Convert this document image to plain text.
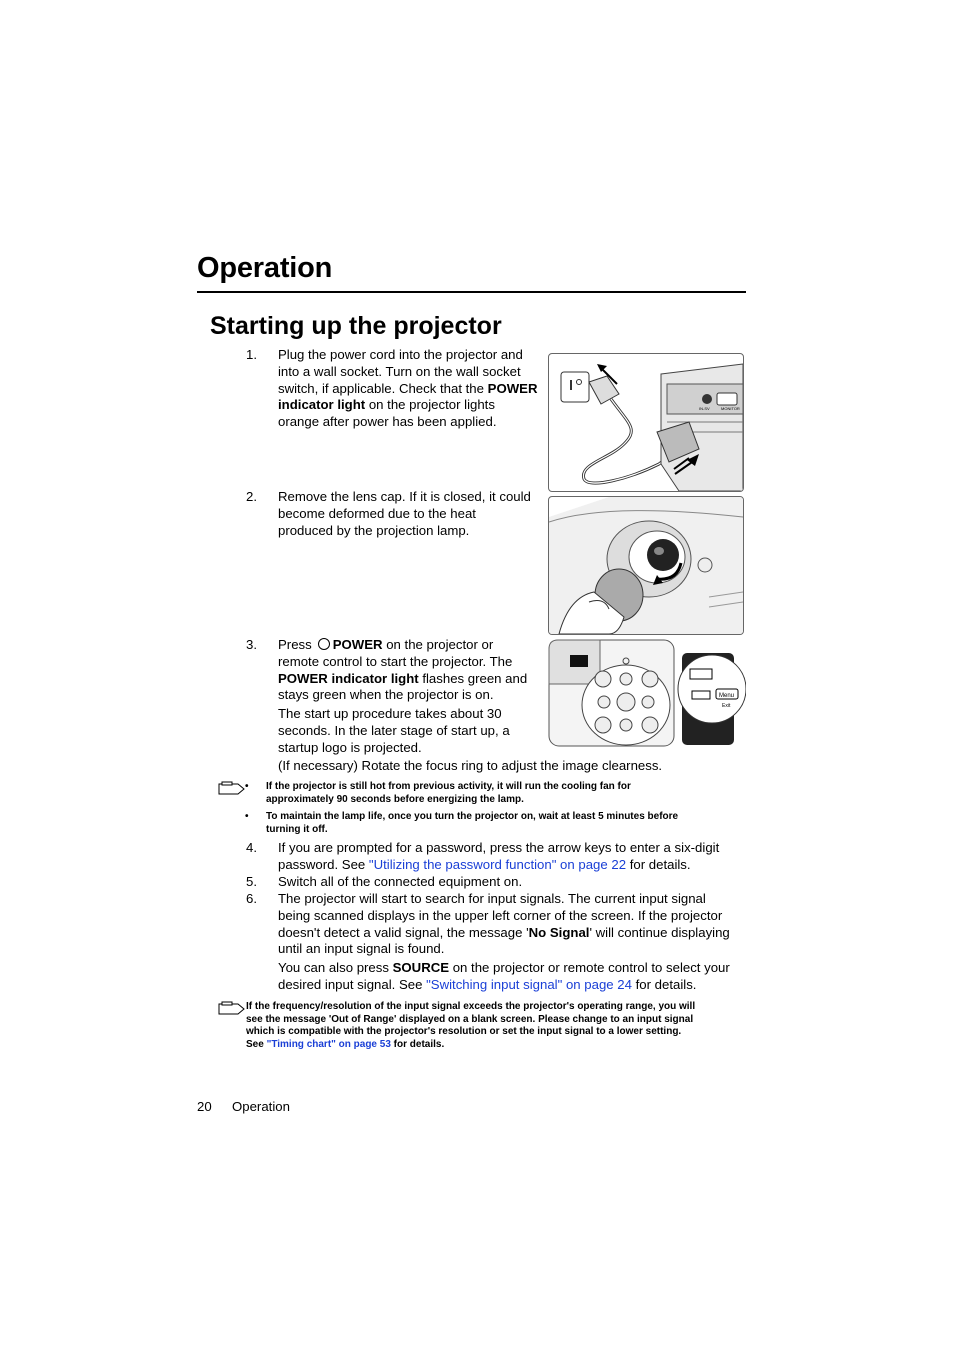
Operation
Starting up the projector
1. Plug the power cord into the projector and
into a wall socket. Turn on the wall socket
switch, if applicable. Check that the POWER
indicator light on the projector lights
orange after power has been applied.
IN-SV	MONITOR
2. Remove the lens cap. If it is closed, it could
become deformed due to the heat
produced by the projection lamp.
3. Press POWER on the projector or
remote control to start the projector. The
POWER indicator light flashes green and
stays green when the projector is on.
The start up procedure takes about 30
seconds. In the later stage of start up, a
startup logo is projected.
(If necessary) Rotate the focus ring to adjust the image clearness.
Menu
Exit
• If the projector is still hot from previous activity, it will run the cooling fan for
approximately 90 seconds before energizing the lamp.
• To maintain the lamp life, once you turn the projector on, wait at least 5 minutes before
turning it off.
4. If you are prompted for a password, press the arrow keys to enter a six-digit
password. See "Utilizing the password function" on page 22 for details.
5. Switch all of the connected equipment on.
6. The projector will start to search for input signals. The current input signal
being scanned displays in the upper left corner of the screen. If the projector
doesn't detect a valid signal, the message 'No Signal' will continue displaying
until an input signal is found.
You can also press SOURCE on the projector or remote control to select your
desired input signal. See "Switching input signal" on page 24 for details.
If the frequency/resolution of the input signal exceeds the projector's operating range, you will
see the message 'Out of Range' displayed on a blank screen. Please change to an input signal
which is compatible with the projector's resolution or set the input signal to a lower setting.
See "Timing chart" on page 53 for details.
20 Operation
